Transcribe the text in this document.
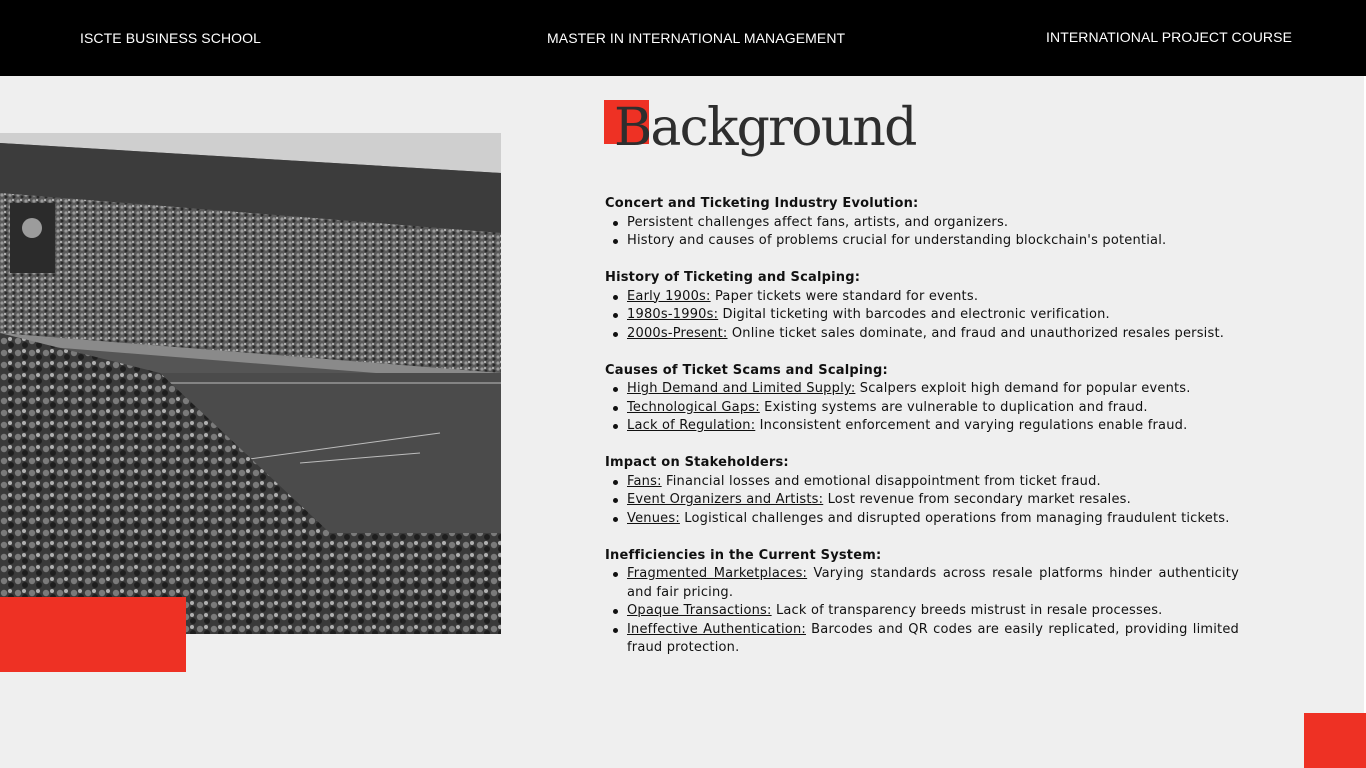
ISCTE BUSINESS SCHOOL	MASTER IN INTERNATIONAL MANAGEMENT	INTERNATIONAL PROJECT COURSE
Background
Concert and Ticketing Industry Evolution:
Persistent challenges affect fans, artists, and organizers.
History and causes of problems crucial for understanding blockchain's potential.
History of Ticketing and Scalping:
Early 1900s: Paper tickets were standard for events.
1980s-1990s: Digital ticketing with barcodes and electronic verification.
2000s-Present: Online ticket sales dominate, and fraud and unauthorized resales persist.
Causes of Ticket Scams and Scalping:
High Demand and Limited Supply: Scalpers exploit high demand for popular events.
Technological Gaps: Existing systems are vulnerable to duplication and fraud.
Lack of Regulation: Inconsistent enforcement and varying regulations enable fraud.
Impact on Stakeholders:
Fans: Financial losses and emotional disappointment from ticket fraud.
Event Organizers and Artists: Lost revenue from secondary market resales.
Venues: Logistical challenges and disrupted operations from managing fraudulent tickets.
Inefficiencies in the Current System:
Fragmented Marketplaces: Varying standards across resale platforms hinder authenticity and fair pricing.
Opaque Transactions: Lack of transparency breeds mistrust in resale processes.
Ineffective Authentication: Barcodes and QR codes are easily replicated, providing limited fraud protection.
